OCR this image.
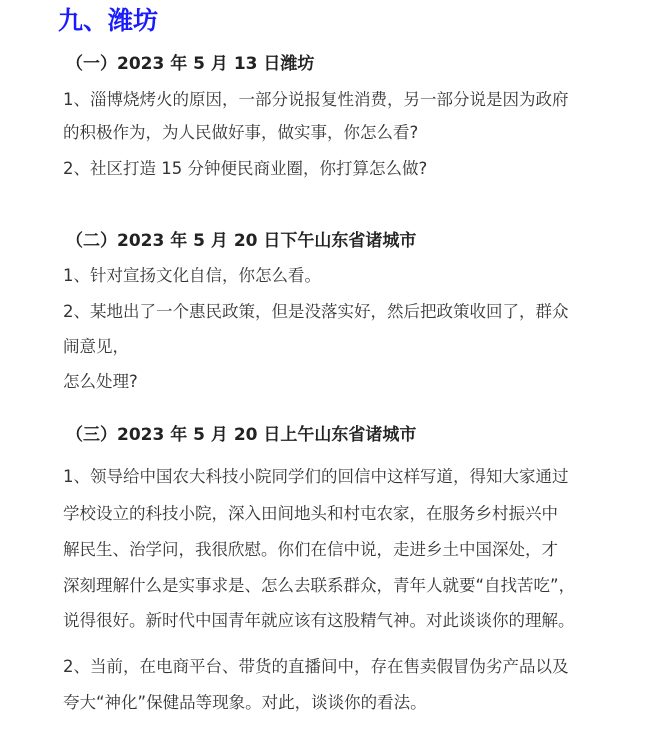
九、潍坊
（一）2023 年 5 月 13 日潍坊
1、淄博烧烤火的原因，一部分说报复性消费，另一部分说是因为政府
的积极作为，为人民做好事，做实事，你怎么看?
2、社区打造 15 分钟便民商业圈，你打算怎么做?
（二）2023 年 5 月 20 日下午山东省诸城市
1、针对宣扬文化自信，你怎么看。
2、某地出了一个惠民政策，但是没落实好，然后把政策收回了，群众
闹意见，
怎么处理?
（三）2023 年 5 月 20 日上午山东省诸城市
1、领导给中国农大科技小院同学们的回信中这样写道，得知大家通过
学校设立的科技小院，深入田间地头和村屯农家，在服务乡村振兴中
解民生、治学问，我很欣慰。你们在信中说，走进乡土中国深处，才
深刻理解什么是实事求是、怎么去联系群众，青年人就要“自找苦吃”，
说得很好。新时代中国青年就应该有这股精气神。对此谈谈你的理解。
2、当前，在电商平台、带货的直播间中，存在售卖假冒伪劣产品以及
夸大“神化”保健品等现象。对此，谈谈你的看法。
